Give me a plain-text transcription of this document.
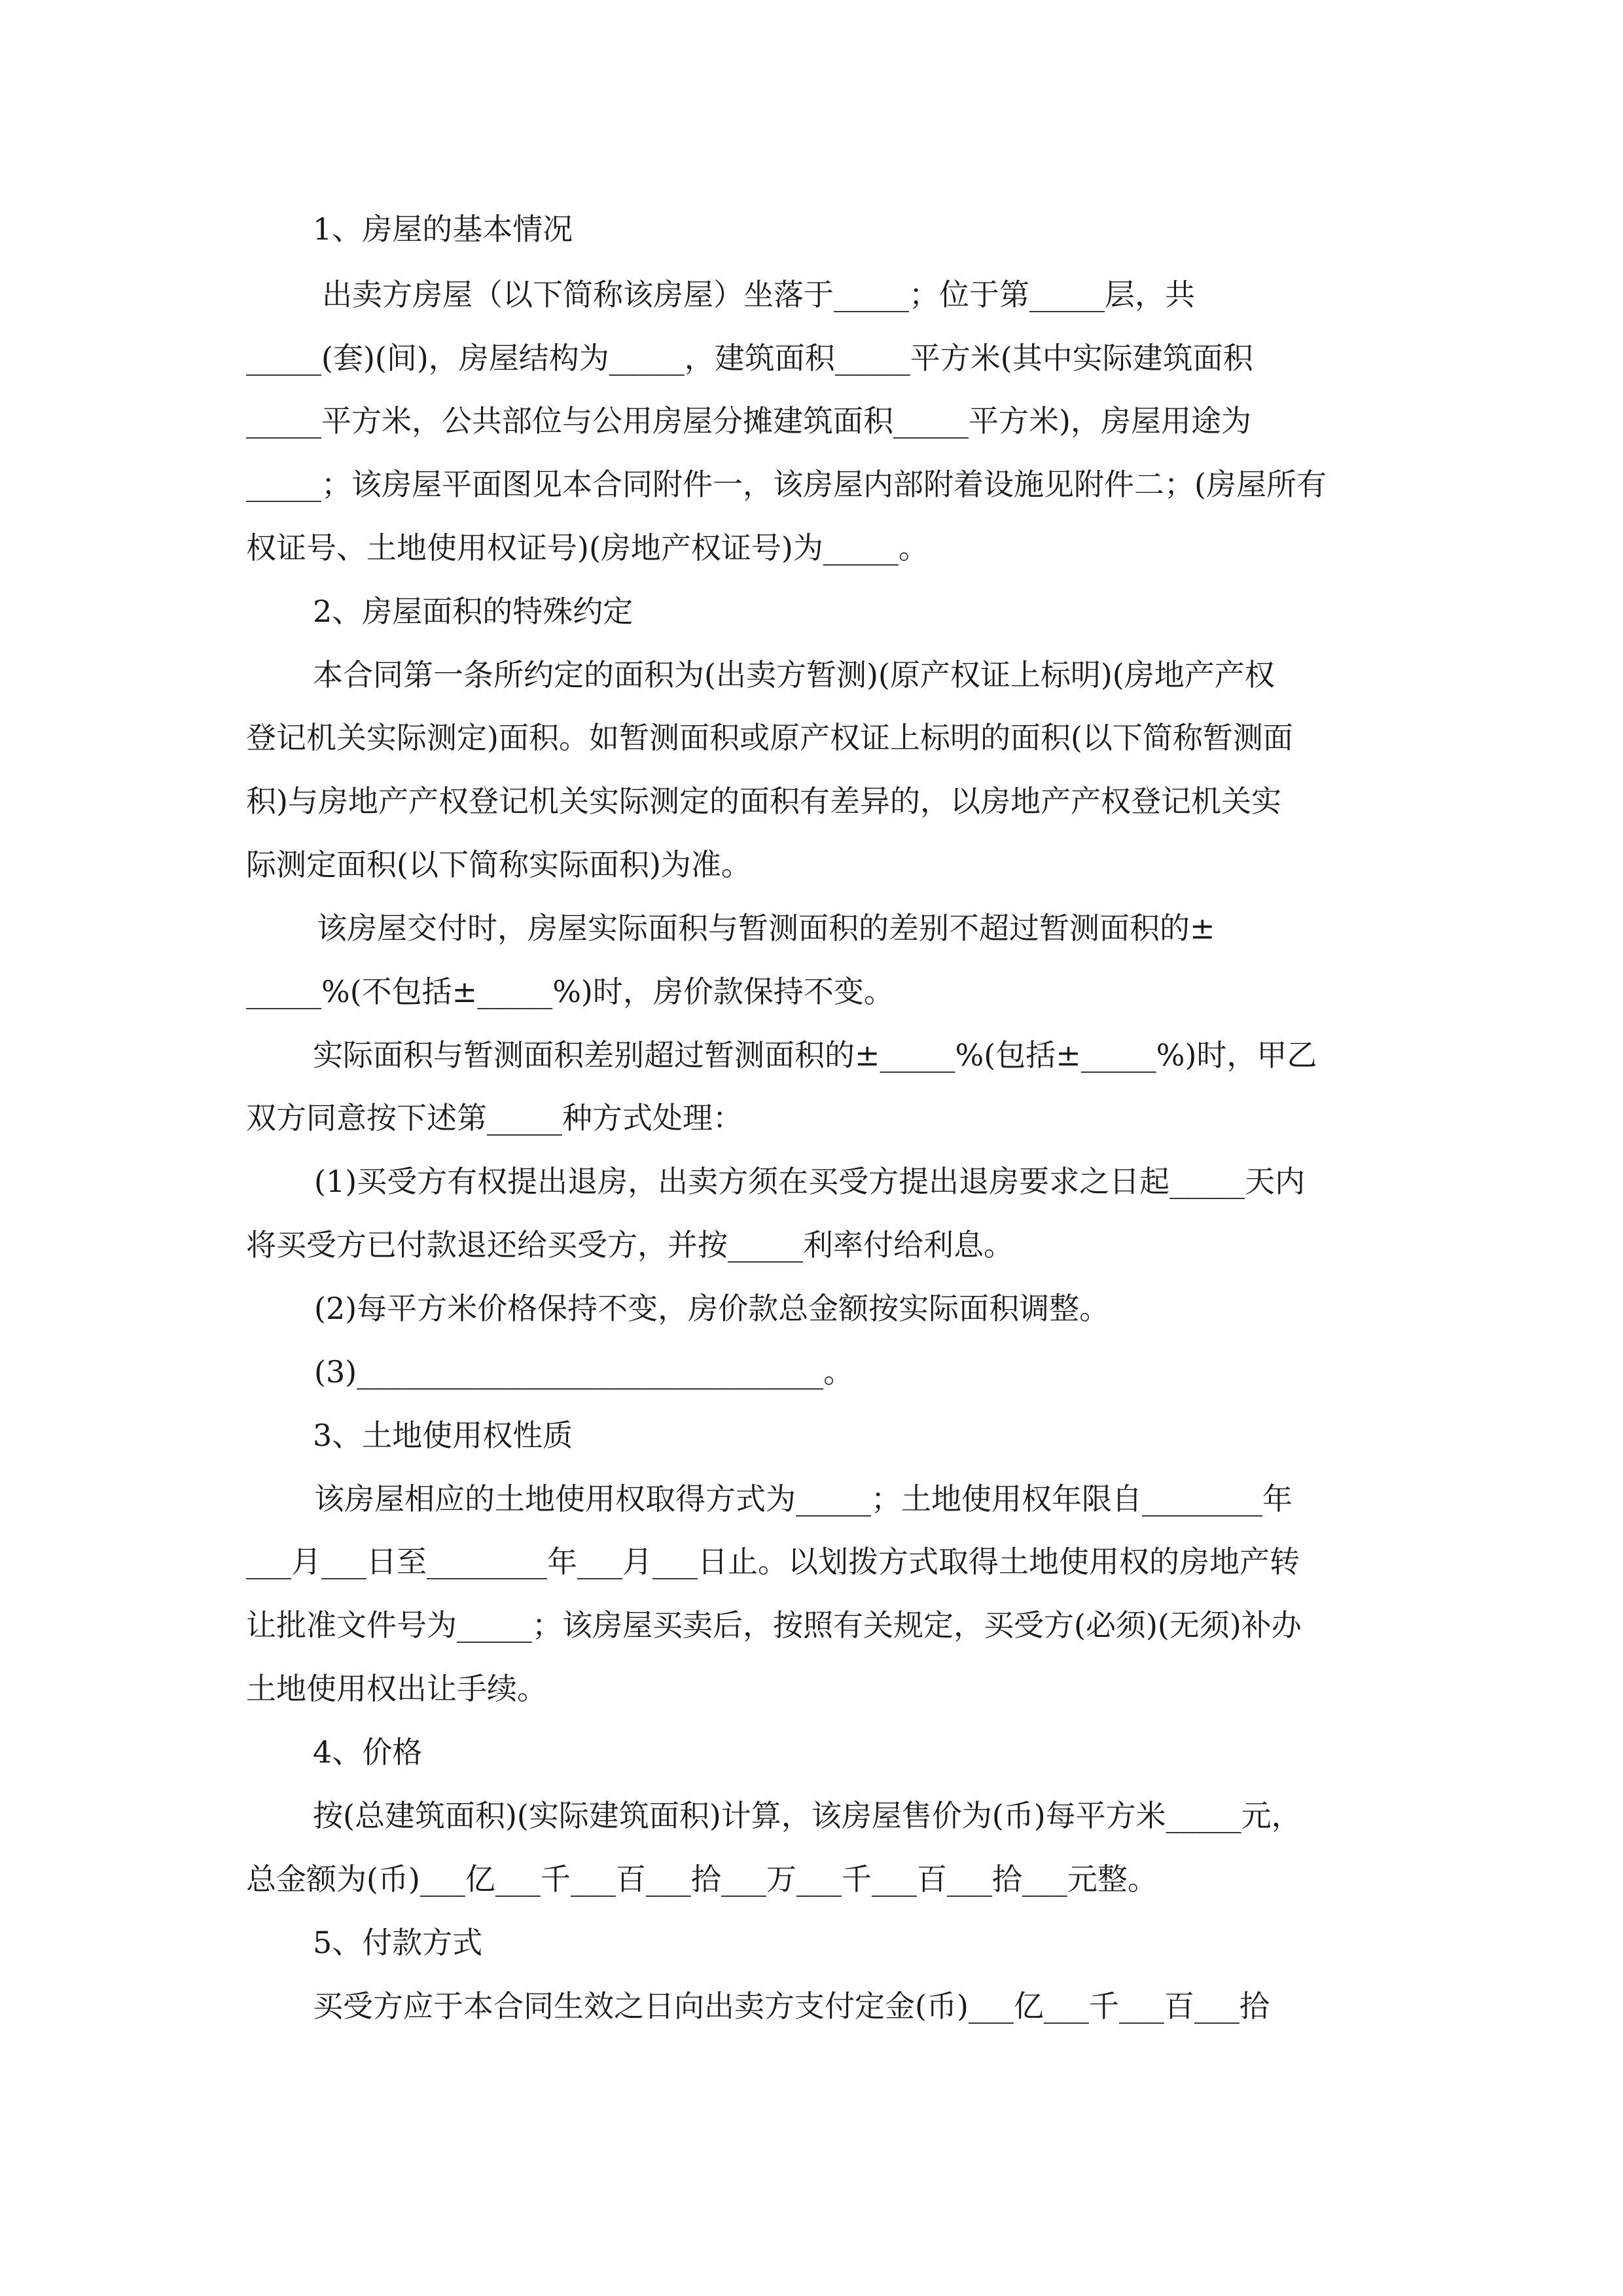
1、房屋的基本情况
出卖方房屋（以下简称该房屋）坐落于_____；位于第_____层，共
_____(套)(间)，房屋结构为_____，建筑面积_____平方米(其中实际建筑面积
_____平方米，公共部位与公用房屋分摊建筑面积_____平方米)，房屋用途为
_____；该房屋平面图见本合同附件一，该房屋内部附着设施见附件二；(房屋所有
权证号、土地使用权证号)(房地产权证号)为_____。
2、房屋面积的特殊约定
本合同第一条所约定的面积为(出卖方暂测)(原产权证上标明)(房地产产权
登记机关实际测定)面积。如暂测面积或原产权证上标明的面积(以下简称暂测面
积)与房地产产权登记机关实际测定的面积有差异的，以房地产产权登记机关实
际测定面积(以下简称实际面积)为准。
该房屋交付时，房屋实际面积与暂测面积的差别不超过暂测面积的±
_____%(不包括±_____%)时，房价款保持不变。
实际面积与暂测面积差别超过暂测面积的±_____%(包括±_____%)时，甲乙
双方同意按下述第_____种方式处理：
(1)买受方有权提出退房，出卖方须在买受方提出退房要求之日起_____天内
将买受方已付款退还给买受方，并按_____利率付给利息。
(2)每平方米价格保持不变，房价款总金额按实际面积调整。
(3)_______________________________。
3、土地使用权性质
该房屋相应的土地使用权取得方式为_____；土地使用权年限自________年
___月___日至________年___月___日止。以划拨方式取得土地使用权的房地产转
让批准文件号为_____；该房屋买卖后，按照有关规定，买受方(必须)(无须)补办
土地使用权出让手续。
4、价格
按(总建筑面积)(实际建筑面积)计算，该房屋售价为(币)每平方米_____元，
总金额为(币)___亿___千___百___拾___万___千___百___拾___元整。
5、付款方式
买受方应于本合同生效之日向出卖方支付定金(币)___亿___千___百___拾
